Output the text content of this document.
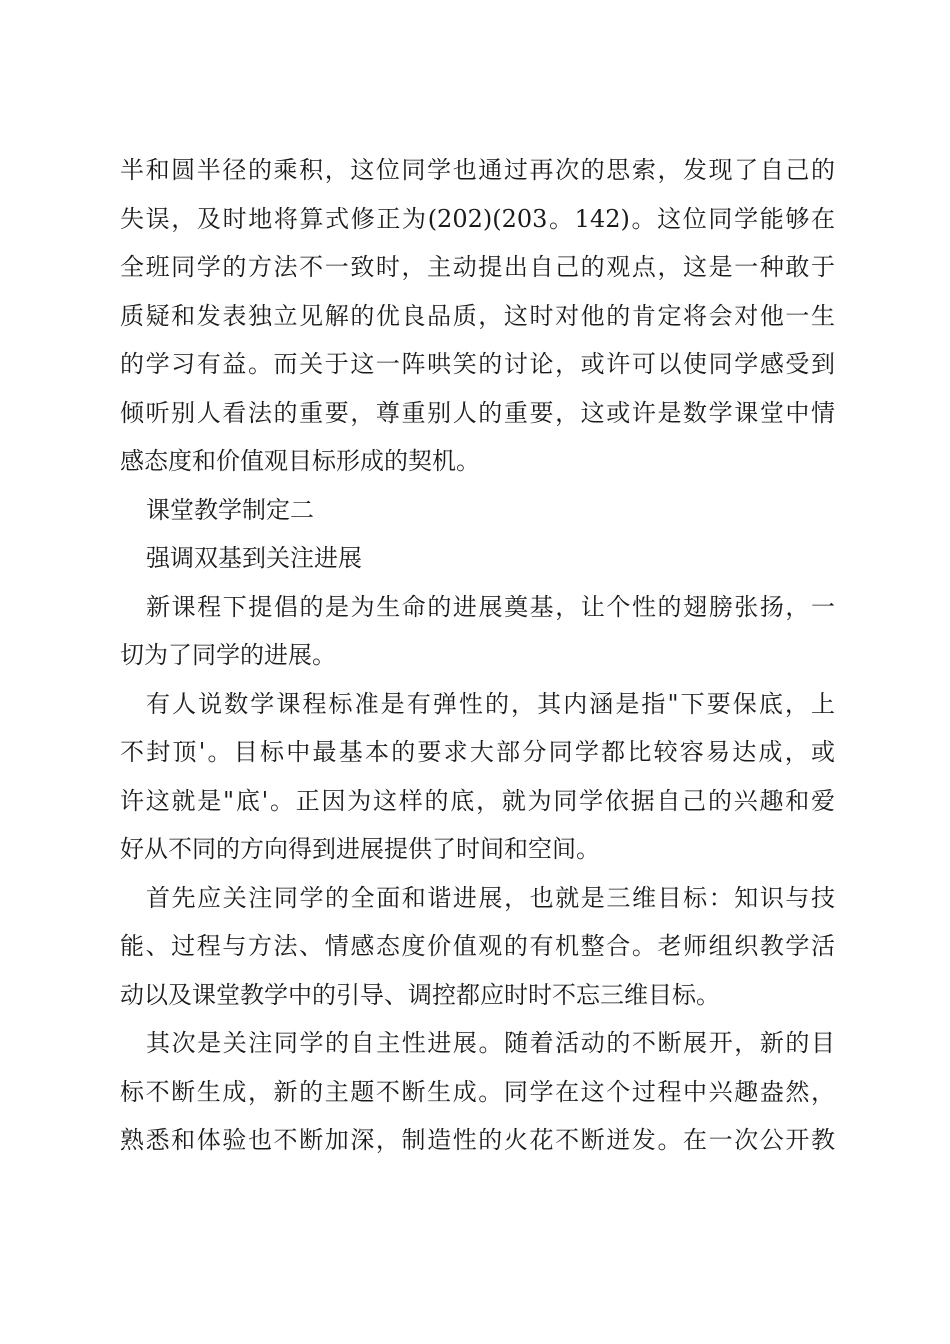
半和圆半径的乘积，这位同学也通过再次的思索，发现了自己的
失误，及时地将算式修正为(202)(203。142)。这位同学能够在
全班同学的方法不一致时，主动提出自己的观点，这是一种敢于
质疑和发表独立见解的优良品质，这时对他的肯定将会对他一生
的学习有益。而关于这一阵哄笑的讨论，或许可以使同学感受到
倾听别人看法的重要，尊重别人的重要，这或许是数学课堂中情
感态度和价值观目标形成的契机。
课堂教学制定二
强调双基到关注进展
新课程下提倡的是为生命的进展奠基，让个性的翅膀张扬，一
切为了同学的进展。
有人说数学课程标准是有弹性的，其内涵是指"下要保底，上
不封顶'。目标中最基本的要求大部分同学都比较容易达成，或
许这就是"底'。正因为这样的底，就为同学依据自己的兴趣和爱
好从不同的方向得到进展提供了时间和空间。
首先应关注同学的全面和谐进展，也就是三维目标：知识与技
能、过程与方法、情感态度价值观的有机整合。老师组织教学活
动以及课堂教学中的引导、调控都应时时不忘三维目标。
其次是关注同学的自主性进展。随着活动的不断展开，新的目
标不断生成，新的主题不断生成。同学在这个过程中兴趣盎然，
熟悉和体验也不断加深，制造性的火花不断迸发。在一次公开教
